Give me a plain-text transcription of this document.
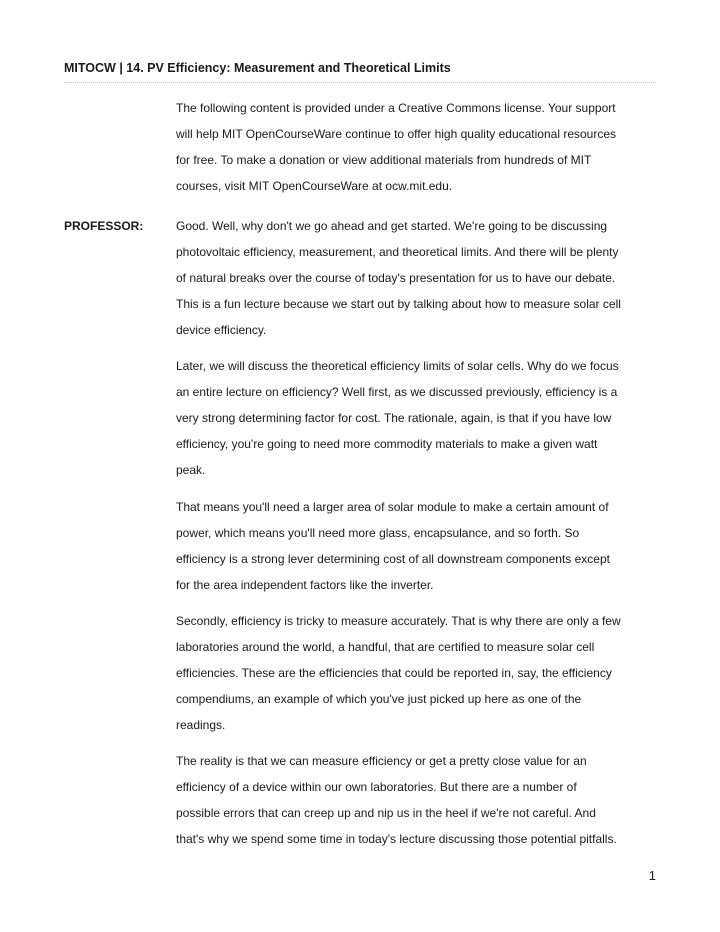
MITOCW | 14. PV Efficiency: Measurement and Theoretical Limits

The following content is provided under a Creative Commons license. Your support
will help MIT OpenCourseWare continue to offer high quality educational resources
for free. To make a donation or view additional materials from hundreds of MIT
courses, visit MIT OpenCourseWare at ocw.mit.edu.

PROFESSOR:	Good. Well, why don't we go ahead and get started. We're going to be discussing
photovoltaic efficiency, measurement, and theoretical limits. And there will be plenty
of natural breaks over the course of today's presentation for us to have our debate.
This is a fun lecture because we start out by talking about how to measure solar cell
device efficiency.

Later, we will discuss the theoretical efficiency limits of solar cells. Why do we focus
an entire lecture on efficiency? Well first, as we discussed previously, efficiency is a
very strong determining factor for cost. The rationale, again, is that if you have low
efficiency, you're going to need more commodity materials to make a given watt
peak.

That means you'll need a larger area of solar module to make a certain amount of
power, which means you'll need more glass, encapsulance, and so forth. So
efficiency is a strong lever determining cost of all downstream components except
for the area independent factors like the inverter.

Secondly, efficiency is tricky to measure accurately. That is why there are only a few
laboratories around the world, a handful, that are certified to measure solar cell
efficiencies. These are the efficiencies that could be reported in, say, the efficiency
compendiums, an example of which you've just picked up here as one of the
readings.

The reality is that we can measure efficiency or get a pretty close value for an
efficiency of a device within our own laboratories. But there are a number of
possible errors that can creep up and nip us in the heel if we're not careful. And
that's why we spend some time in today's lecture discussing those potential pitfalls.

1
